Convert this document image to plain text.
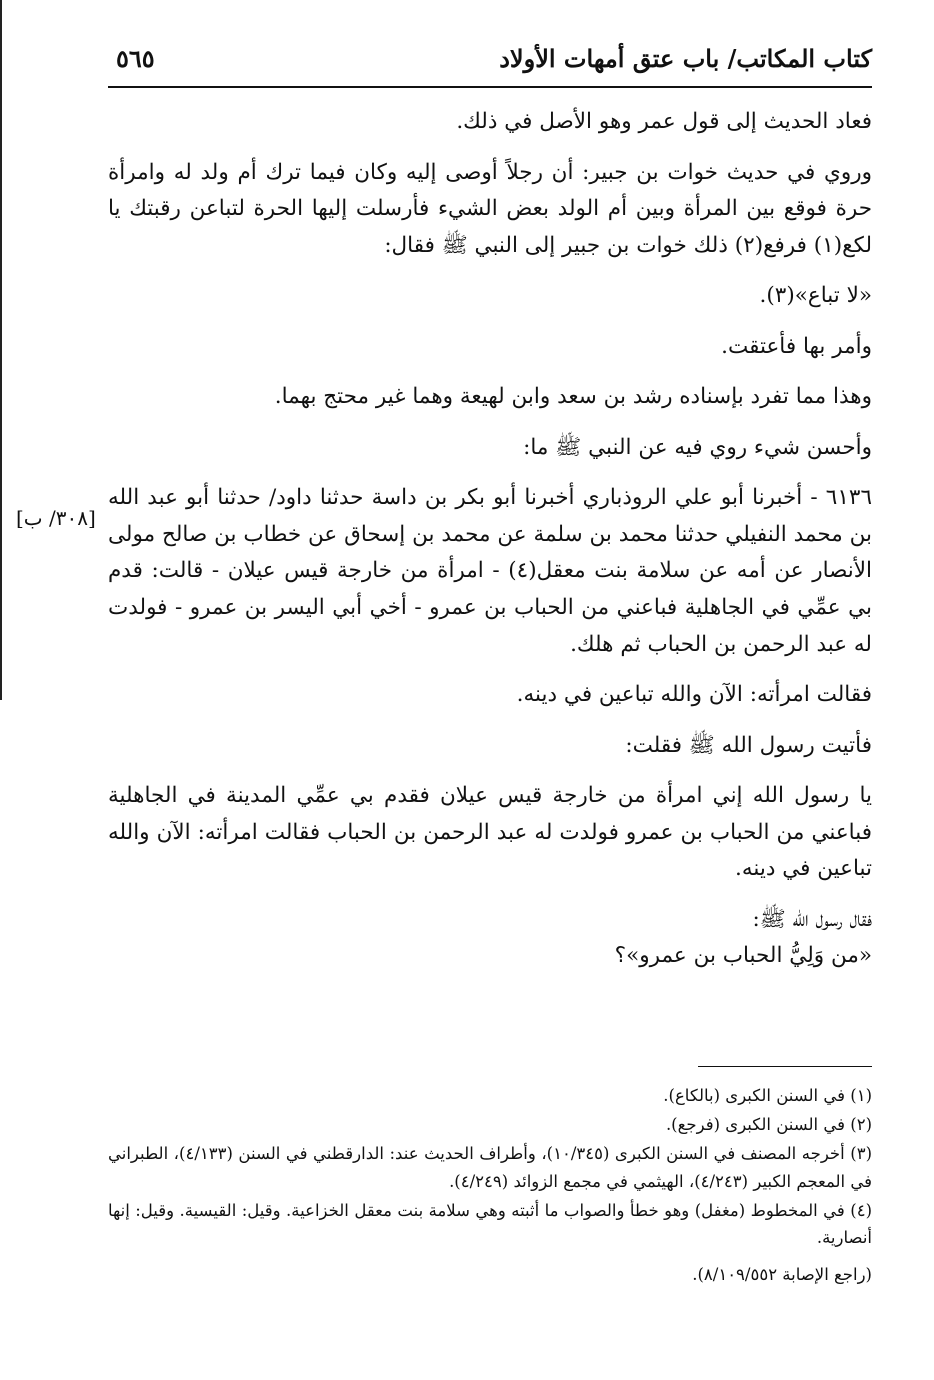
كتاب المكاتب/ باب عتق أمهات الأولاد
٥٦٥
[٣٠٨/ ب]

فعاد الحديث إلى قول عمر وهو الأصل في ذلك.

وروي في حديث خوات بن جبير: أن رجلاً أوصى إليه وكان فيما ترك أم ولد له وامرأة حرة فوقع بين المرأة وبين أم الولد بعض الشيء فأرسلت إليها الحرة لتباعن رقبتك يا لكع(١) فرفع(٢) ذلك خوات بن جبير إلى النبي ﷺ فقال:

«لا تباع»(٣).

وأمر بها فأعتقت.

وهذا مما تفرد بإسناده رشد بن سعد وابن لهيعة وهما غير محتج بهما.

وأحسن شيء روي فيه عن النبي ﷺ ما:

٦١٣٦ - أخبرنا أبو علي الروذباري أخبرنا أبو بكر بن داسة حدثنا داود/ حدثنا أبو عبد الله بن محمد النفيلي حدثنا محمد بن سلمة عن محمد بن إسحاق عن خطاب بن صالح مولى الأنصار عن أمه عن سلامة بنت معقل(٤) - امرأة من خارجة قيس عيلان - قالت: قدم بي عمِّي في الجاهلية فباعني من الحباب بن عمرو - أخي أبي اليسر بن عمرو - فولدت له عبد الرحمن بن الحباب ثم هلك.

فقالت امرأته: الآن والله تباعين في دينه.

فأتيت رسول الله ﷺ فقلت:

يا رسول الله إني امرأة من خارجة قيس عيلان فقدم بي عمِّي المدينة في الجاهلية فباعني من الحباب بن عمرو فولدت له عبد الرحمن بن الحباب فقالت امرأته: الآن والله تباعين في دينه.

فقال رسول الله ﷺ:

«من وَلِيُّ الحباب بن عمرو»؟

(١) في السنن الكبرى (بالكاع).

(٢) في السنن الكبرى (فرجع).

(٣) أخرجه المصنف في السنن الكبرى (١٠/٣٤٥)، وأطراف الحديث عند: الدارقطني في السنن (٤/١٣٣)، الطبراني في المعجم الكبير (٤/٢٤٣)، الهيثمي في مجمع الزوائد (٤/٢٤٩).

(٤) في المخطوط (مغفل) وهو خطأ والصواب ما أثبته وهي سلامة بنت معقل الخزاعية. وقيل: القيسية. وقيل: إنها أنصارية.

(راجع الإصابة ٨/١٠٩/٥٥٢).
